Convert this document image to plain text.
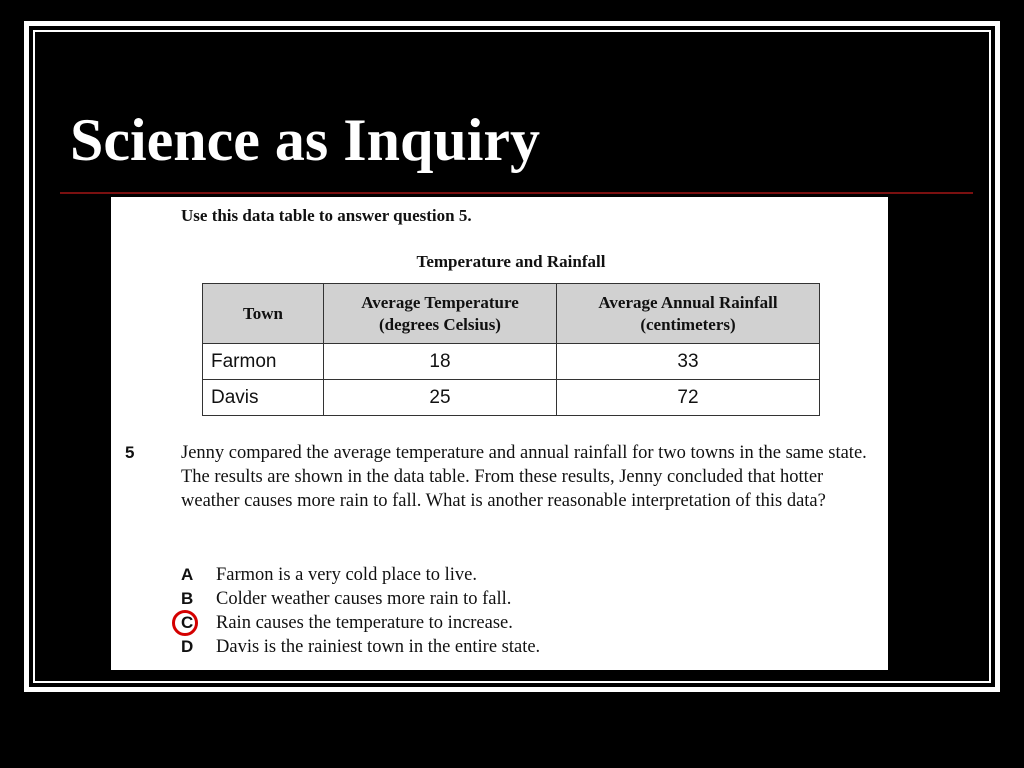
Science as Inquiry
Use this data table to answer question 5.
Temperature and Rainfall
Town	Average Temperature (degrees Celsius)	Average Annual Rainfall (centimeters)
Farmon	18	33
Davis	25	72
5	Jenny compared the average temperature and annual rainfall for two towns in the same state. The results are shown in the data table. From these results, Jenny concluded that hotter weather causes more rain to fall. What is another reasonable interpretation of this data?

A Farmon is a very cold place to live.
B Colder weather causes more rain to fall.
C Rain causes the temperature to increase.
D Davis is the rainiest town in the entire state.
